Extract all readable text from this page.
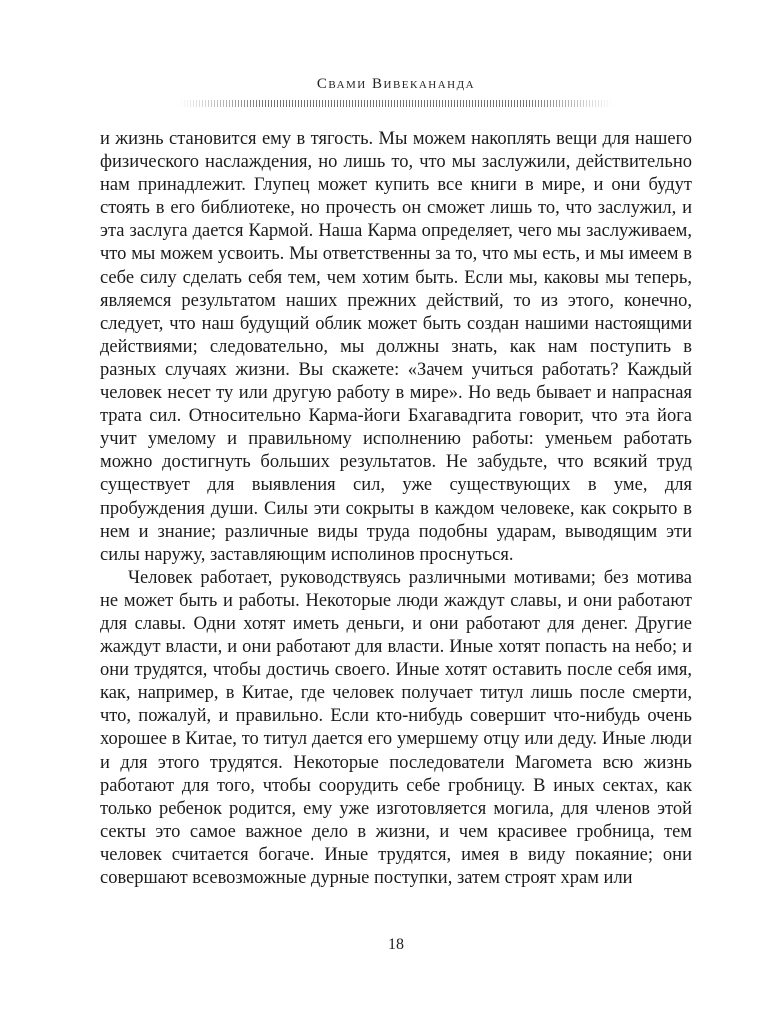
Свами Вивекананда

и жизнь становится ему в тягость. Мы можем накоплять вещи для нашего физического наслаждения, но лишь то, что мы заслужили, действительно нам принадлежит. Глупец может купить все книги в мире, и они будут стоять в его библиотеке, но прочесть он сможет лишь то, что заслужил, и эта заслуга дается Кармой. Наша Карма определяет, чего мы заслуживаем, что мы можем усвоить. Мы ответственны за то, что мы есть, и мы имеем в себе силу сделать себя тем, чем хотим быть. Если мы, каковы мы теперь, являемся результатом наших прежних действий, то из этого, конечно, следует, что наш будущий облик может быть создан нашими настоящими действиями; следовательно, мы должны знать, как нам поступить в разных случаях жизни. Вы скажете: «Зачем учиться работать? Каждый человек несет ту или другую работу в мире». Но ведь бывает и напрасная трата сил. Относительно Карма-йоги Бхагавадгита говорит, что эта йога учит умелому и правильному исполнению работы: уменьем работать можно достигнуть больших результатов. Не забудьте, что всякий труд существует для выявления сил, уже существующих в уме, для пробуждения души. Силы эти сокрыты в каждом человеке, как сокрыто в нем и знание; различные виды труда подобны ударам, выводящим эти силы наружу, заставляющим исполинов проснуться.

Человек работает, руководствуясь различными мотивами; без мотива не может быть и работы. Некоторые люди жаждут славы, и они работают для славы. Одни хотят иметь деньги, и они работают для денег. Другие жаждут власти, и они работают для власти. Иные хотят попасть на небо; и они трудятся, чтобы достичь своего. Иные хотят оставить после себя имя, как, например, в Китае, где человек получает титул лишь после смерти, что, пожалуй, и правильно. Если кто-нибудь совершит что-нибудь очень хорошее в Китае, то титул дается его умершему отцу или деду. Иные люди и для этого трудятся. Некоторые последователи Магомета всю жизнь работают для того, чтобы соорудить себе гробницу. В иных сектах, как только ребенок родится, ему уже изготовляется могила, для членов этой секты это самое важное дело в жизни, и чем красивее гробница, тем человек считается богаче. Иные трудятся, имея в виду покаяние; они совершают всевозможные дурные поступки, затем строят храм или

18
